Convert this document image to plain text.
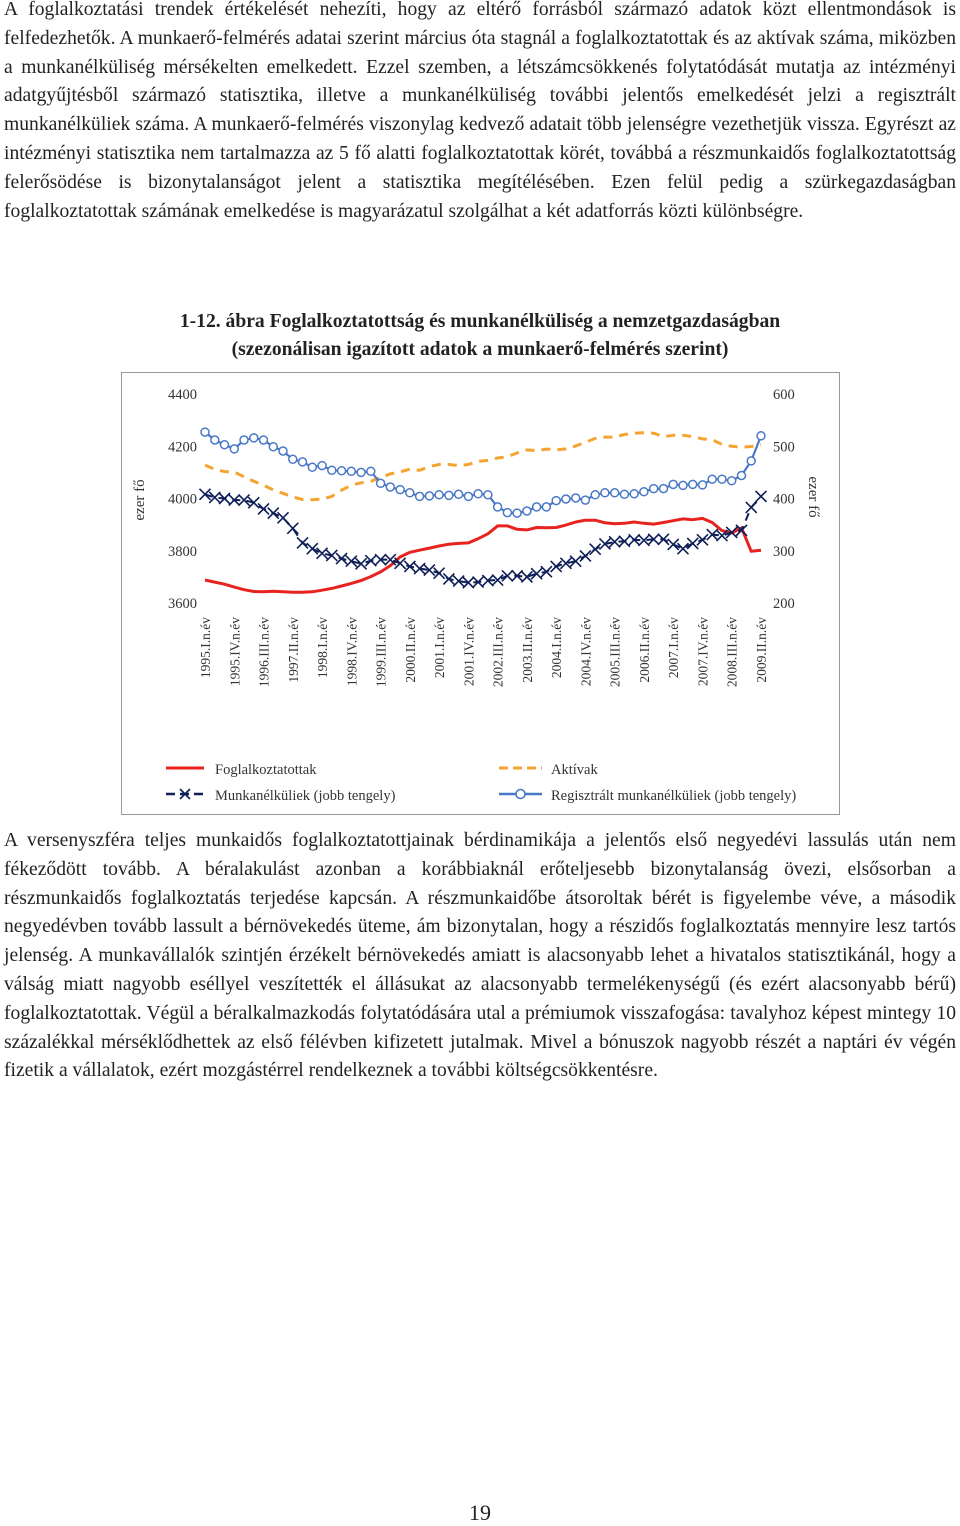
A foglalkoztatási trendek értékelését nehezíti, hogy az eltérő forrásból származó adatok közt ellentmondások is felfedezhetők. A munkaerő-felmérés adatai szerint március óta stagnál a foglalkoztatottak és az aktívak száma, miközben a munkanélküliség mérsékelten emelkedett. Ezzel szemben, a létszámcsökkenés folytatódását mutatja az intézményi adatgyűjtésből származó statisztika, illetve a munkanélküliség további jelentős emelkedését jelzi a regisztrált munkanélküliek száma. A munkaerő-felmérés viszonylag kedvező adatait több jelenségre vezethetjük vissza. Egyrészt az intézményi statisztika nem tartalmazza az 5 fő alatti foglalkoztatottak körét, továbbá a részmunkaidős foglalkoztatottság felerősödése is bizonytalanságot jelent a statisztika megítélésében. Ezen felül pedig a szürkegazdaságban foglalkoztatottak számának emelkedése is magyarázatul szolgálhat a két adatforrás közti különbségre.

1-12. ábra Foglalkoztatottság és munkanélküliség a nemzetgazdaságban
(szezonálisan igazított adatok a munkaerő-felmérés szerint)
ezer fő	ezer fő
3600
3800
4000
4200
4400
200
300
400
500
600
1995.I.n.év 1995.IV.n.év 1996.III.n.év 1997.II.n.év 1998.I.n.év 1998.IV.n.év 1999.III.n.év 2000.II.n.év 2001.I.n.év 2001.IV.n.év 2002.III.n.év 2003.II.n.év 2004.I.n.év 2004.IV.n.év 2005.III.n.év 2006.II.n.év 2007.I.n.év 2007.IV.n.év 2008.III.n.év 2009.II.n.év
Foglalkoztatottak	Aktívak
Munkanélküliek (jobb tengely)	Regisztrált munkanélküliek (jobb tengely)

A versenyszféra teljes munkaidős foglalkoztatottjainak bérdinamikája a jelentős első negyedévi lassulás után nem fékeződött tovább. A béralakulást azonban a korábbiaknál erőteljesebb bizonytalanság övezi, elsősorban a részmunkaidős foglalkoztatás terjedése kapcsán. A részmunkaidőbe átsoroltak bérét is figyelembe véve, a második negyedévben tovább lassult a bérnövekedés üteme, ám bizonytalan, hogy a részidős foglalkoztatás mennyire lesz tartós jelenség. A munkavállalók szintjén érzékelt bérnövekedés amiatt is alacsonyabb lehet a hivatalos statisztikánál, hogy a válság miatt nagyobb eséllyel veszítették el állásukat az alacsonyabb termelékenységű (és ezért alacsonyabb bérű) foglalkoztatottak. Végül a béralkalmazkodás folytatódására utal a prémiumok visszafogása: tavalyhoz képest mintegy 10 százalékkal mérséklődhettek az első félévben kifizetett jutalmak. Mivel a bónuszok nagyobb részét a naptári év végén fizetik a vállalatok, ezért mozgástérrel rendelkeznek a további költségcsökkentésre.

19
